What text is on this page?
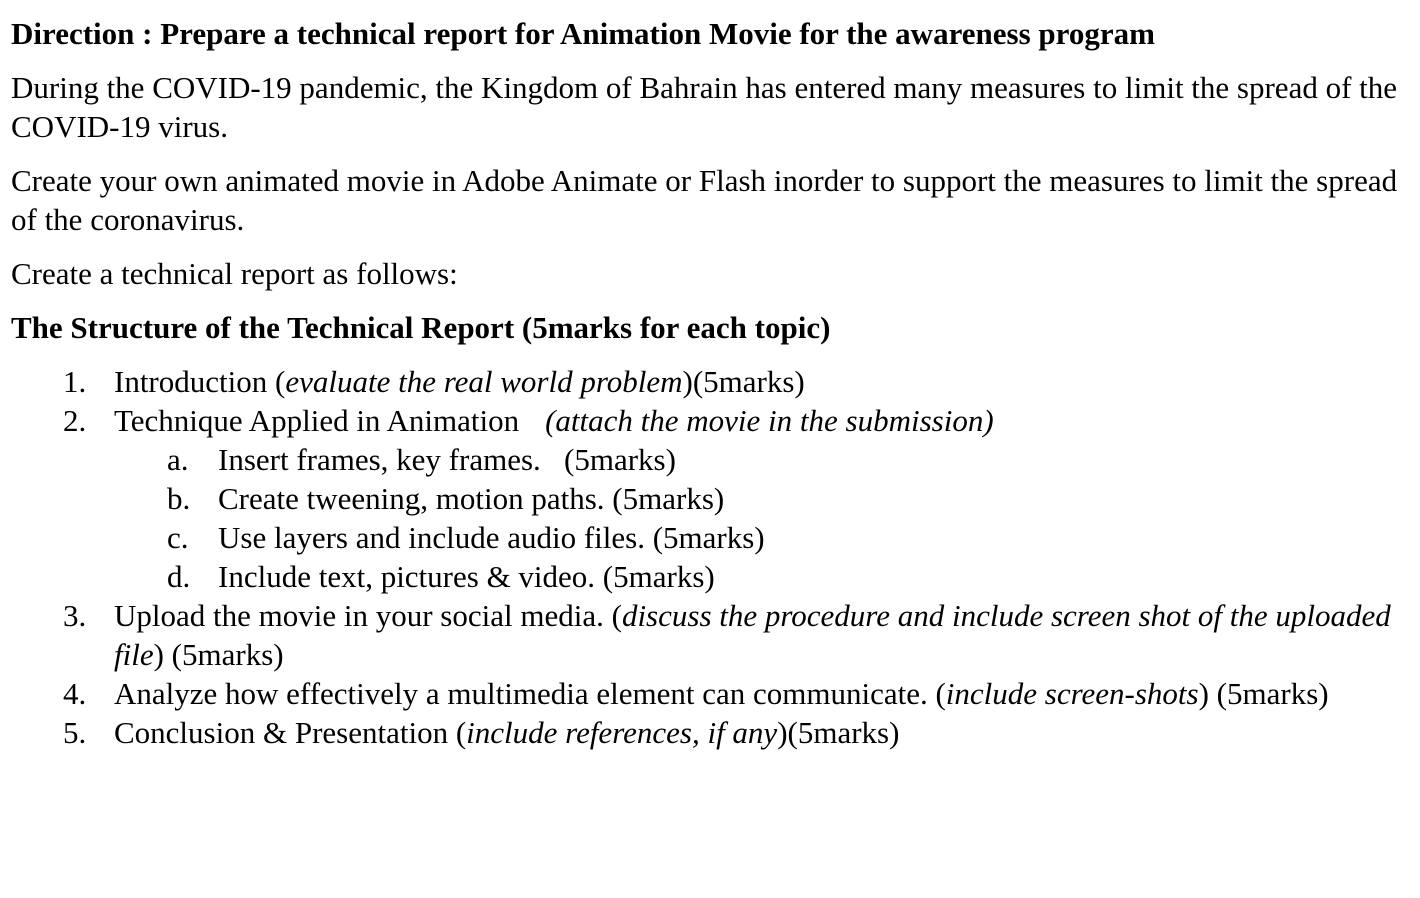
Direction : Prepare a technical report for Animation Movie for the awareness program

During the COVID-19 pandemic, the Kingdom of Bahrain has entered many measures to limit the spread of the COVID-19 virus.

Create your own animated movie in Adobe Animate or Flash inorder to support the measures to limit the spread of the coronavirus.

Create a technical report as follows:

The Structure of the Technical Report (5marks for each topic)

1. Introduction (evaluate the real world problem)(5marks)
2. Technique Applied in Animation (attach the movie in the submission)
a. Insert frames, key frames.   (5marks)
b. Create tweening, motion paths. (5marks)
c. Use layers and include audio files. (5marks)
d. Include text, pictures & video. (5marks)
3. Upload the movie in your social media. (discuss the procedure and include screen shot of the uploaded file) (5marks)
4. Analyze how effectively a multimedia element can communicate. (include screen-shots) (5marks)
5. Conclusion & Presentation (include references, if any)(5marks)
